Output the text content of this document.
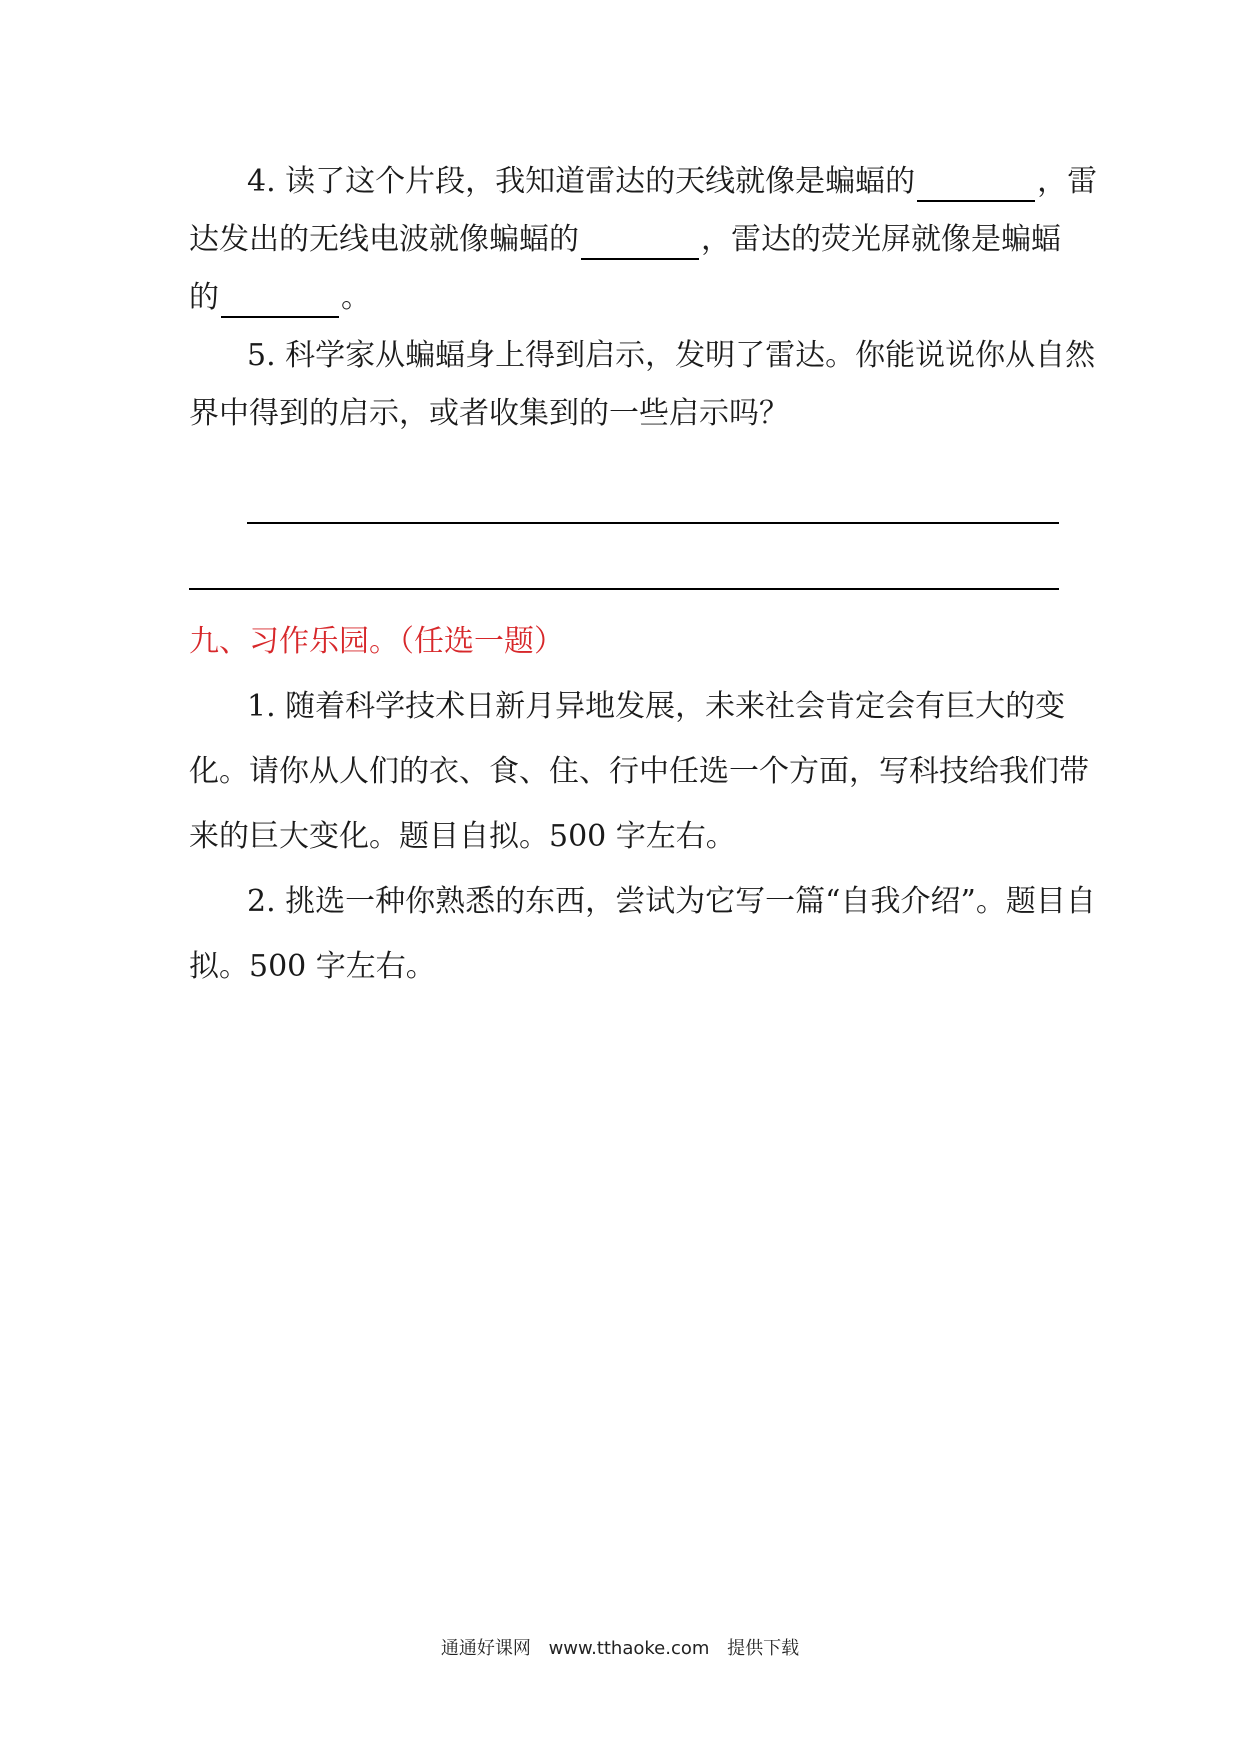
4. 读了这个片段，我知道雷达的天线就像是蝙蝠的	，雷
达发出的无线电波就像蝙蝠的	，雷达的荧光屏就像是蝙蝠
的	。
5. 科学家从蝙蝠身上得到启示，发明了雷达。你能说说你从自然
界中得到的启示，或者收集到的一些启示吗？
九、习作乐园。（任选一题）
1. 随着科学技术日新月异地发展，未来社会肯定会有巨大的变
化。请你从人们的衣、食、住、行中任选一个方面，写科技给我们带
来的巨大变化。题目自拟。500 字左右。
2. 挑选一种你熟悉的东西，尝试为它写一篇“自我介绍”。题目自
拟。500 字左右。
通通好课网 www.tthaoke.com 提供下载
